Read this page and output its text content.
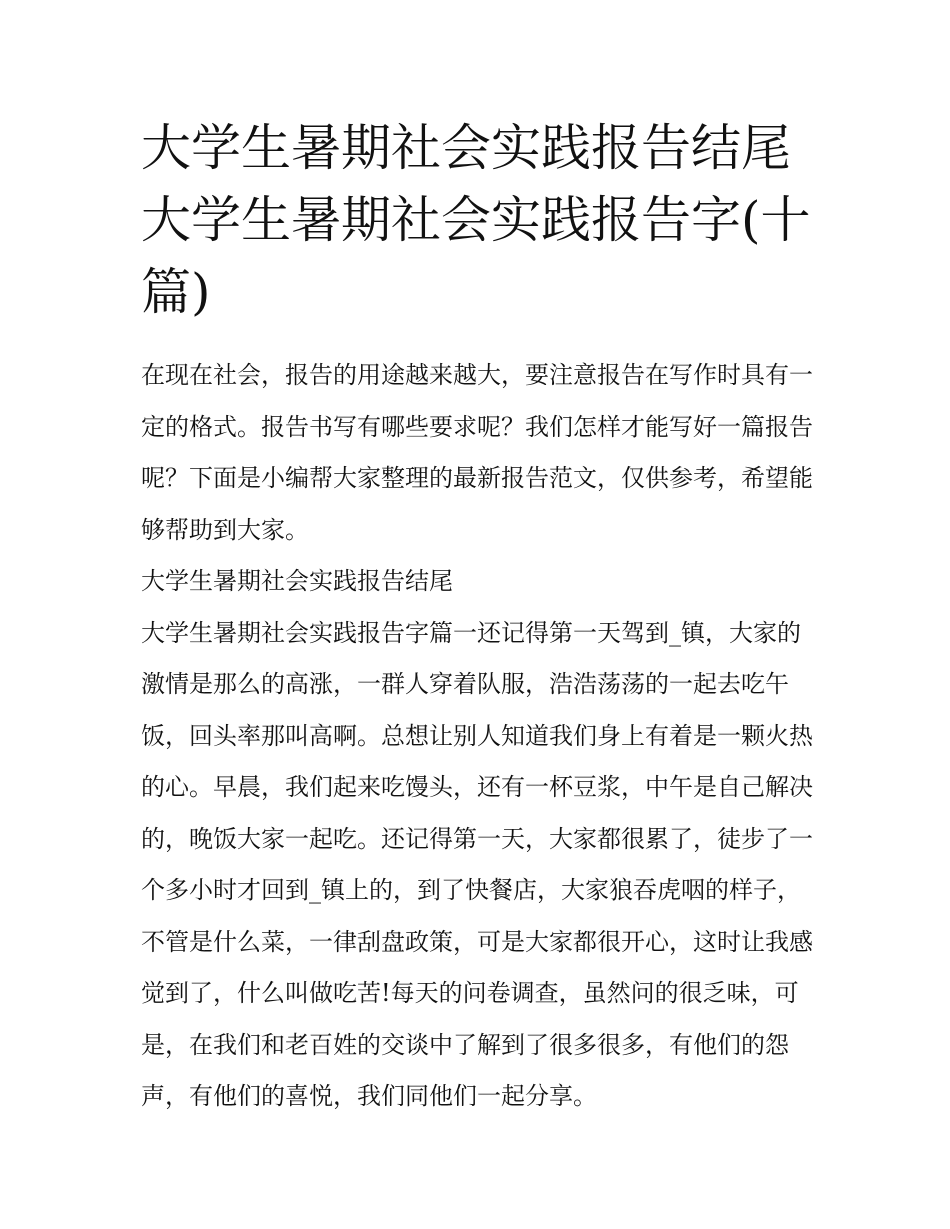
大学生暑期社会实践报告结尾大学生暑期社会实践报告字(十篇)

在现在社会，报告的用途越来越大，要注意报告在写作时具有一定的格式。报告书写有哪些要求呢？我们怎样才能写好一篇报告呢？下面是小编帮大家整理的最新报告范文，仅供参考，希望能够帮助到大家。

大学生暑期社会实践报告结尾

大学生暑期社会实践报告字篇一还记得第一天驾到_镇，大家的激情是那么的高涨，一群人穿着队服，浩浩荡荡的一起去吃午饭，回头率那叫高啊。总想让别人知道我们身上有着是一颗火热的心。早晨，我们起来吃馒头，还有一杯豆浆，中午是自己解决的，晚饭大家一起吃。还记得第一天，大家都很累了，徒步了一个多小时才回到_镇上的，到了快餐店，大家狼吞虎咽的样子，不管是什么菜，一律刮盘政策，可是大家都很开心，这时让我感觉到了，什么叫做吃苦!每天的问卷调查，虽然问的很乏味，可是，在我们和老百姓的交谈中了解到了很多很多，有他们的怨声，有他们的喜悦，我们同他们一起分享。
